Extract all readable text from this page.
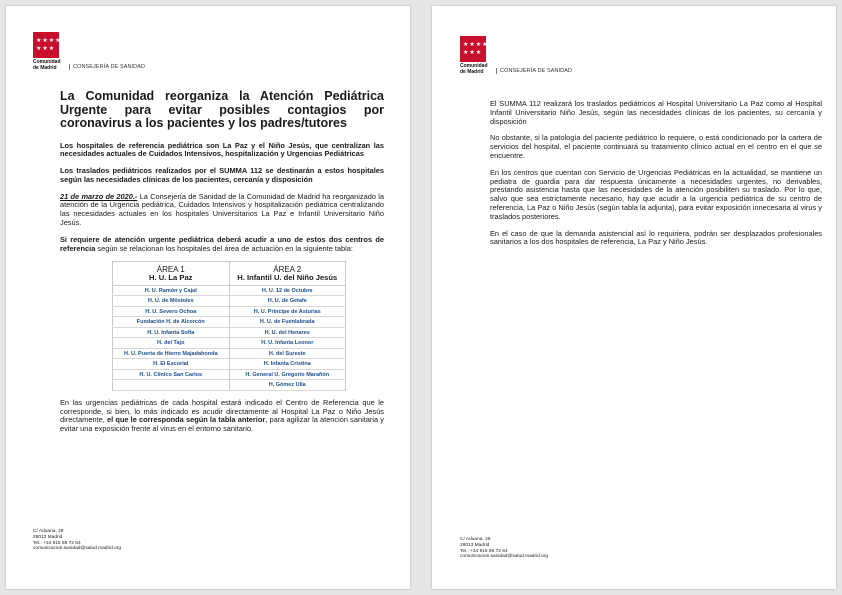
★ ★ ★ ★
★ ★ ★
Comunidad
de Madrid	CONSEJERÍA DE SANIDAD
La Comunidad reorganiza la Atención Pediátrica Urgente para evitar posibles contagios por coronavirus a los pacientes y los padres/tutores

Los hospitales de referencia pediátrica son La Paz y el Niño Jesús, que centralizan las necesidades actuales de Cuidados Intensivos, hospitalización y Urgencias Pediátricas

Los traslados pediátricos realizados por el SUMMA 112 se destinarán a estos hospitales según las necesidades clínicas de los pacientes, cercanía y disposición

21 de marzo de 2020.- La Consejería de Sanidad de la Comunidad de Madrid ha reorganizado la atención de la Urgencia pediátrica, Cuidados Intensivos y hospitalización pediátrica centralizando las necesidades actuales en los hospitales Universitarios La Paz e Infantil Universitario Niño Jesús.

Si requiere de atención urgente pediátrica deberá acudir a uno de estos dos centros de referencia según se relacionan los hospitales del área de actuación en la siguiente tabla:

ÁREA 1	ÁREA 2
H. U. La Paz	H. Infantil U. del Niño Jesús
H. U. Ramón y Cajal	H. U. 12 de Octubre
H. U. de Móstoles	H. U. de Getafe
H. U. Severo Ochoa	H. U. Príncipe de Asturias
Fundación H. de Alcorcón	H. U. de Fuenlabrada
H. U. Infanta Sofía	H. U. del Henares
H. del Tajo	H. U. Infanta Leonor
H. U. Puerta de Hierro Majadahonda	H. del Sureste
H. El Escorial	H. Infanta Cristina
H. U. Clínico San Carlos	H. General U. Gregorio Marañón
	H. Gómez Ulla

En las urgencias pediátricas de cada hospital estará indicado el Centro de Referencia que le corresponde, si bien, lo más indicado es acudir directamente al Hospital La Paz o Niño Jesús directamente, el que le corresponda según la tabla anterior, para agilizar la atención sanitaria y evitar una exposición frente al virus en el entorno sanitario.

C/ Aduana, 29
28013 Madrid
Tel.: +34 915 86 72 64
comunicacion.sanidad@salud.madrid.org
★ ★ ★ ★
★ ★ ★
Comunidad
de Madrid	CONSEJERÍA DE SANIDAD

El SUMMA 112 realizará los traslados pediátricos al Hospital Universitario La Paz como al Hospital Infantil Universitario Niño Jesús, según las necesidades clínicas de los pacientes, su cercanía y disposición

No obstante, si la patología del paciente pediátrico lo requiere, o está condicionado por la cartera de servicios del hospital, el paciente continuará su tratamiento clínico actual en el centro en el que se encuentre.

En los centros que cuentan con Servicio de Urgencias Pediátricas en la actualidad, se mantiene un pediatra de guardia para dar respuesta únicamente a necesidades urgentes, no derivables, prestando asistencia hasta que las necesidades de la atención posibiliten su traslado. Por lo que, salvo que sea estrictamente necesario, hay que acudir a la urgencia pediátrica de su centro de referencia, La Paz o Niño Jesús (según tabla la adjunta), para evitar exposición innecesaria al virus y traslados posteriores.

En el caso de que la demanda asistencial así lo requiriera, podrán ser desplazados profesionales sanitarios a los dos hospitales de referencia, La Paz y Niño Jesús.

C/ Aduana, 29
28013 Madrid
Tel.: +34 915 86 72 64
comunicacion.sanidad@salud.madrid.org
